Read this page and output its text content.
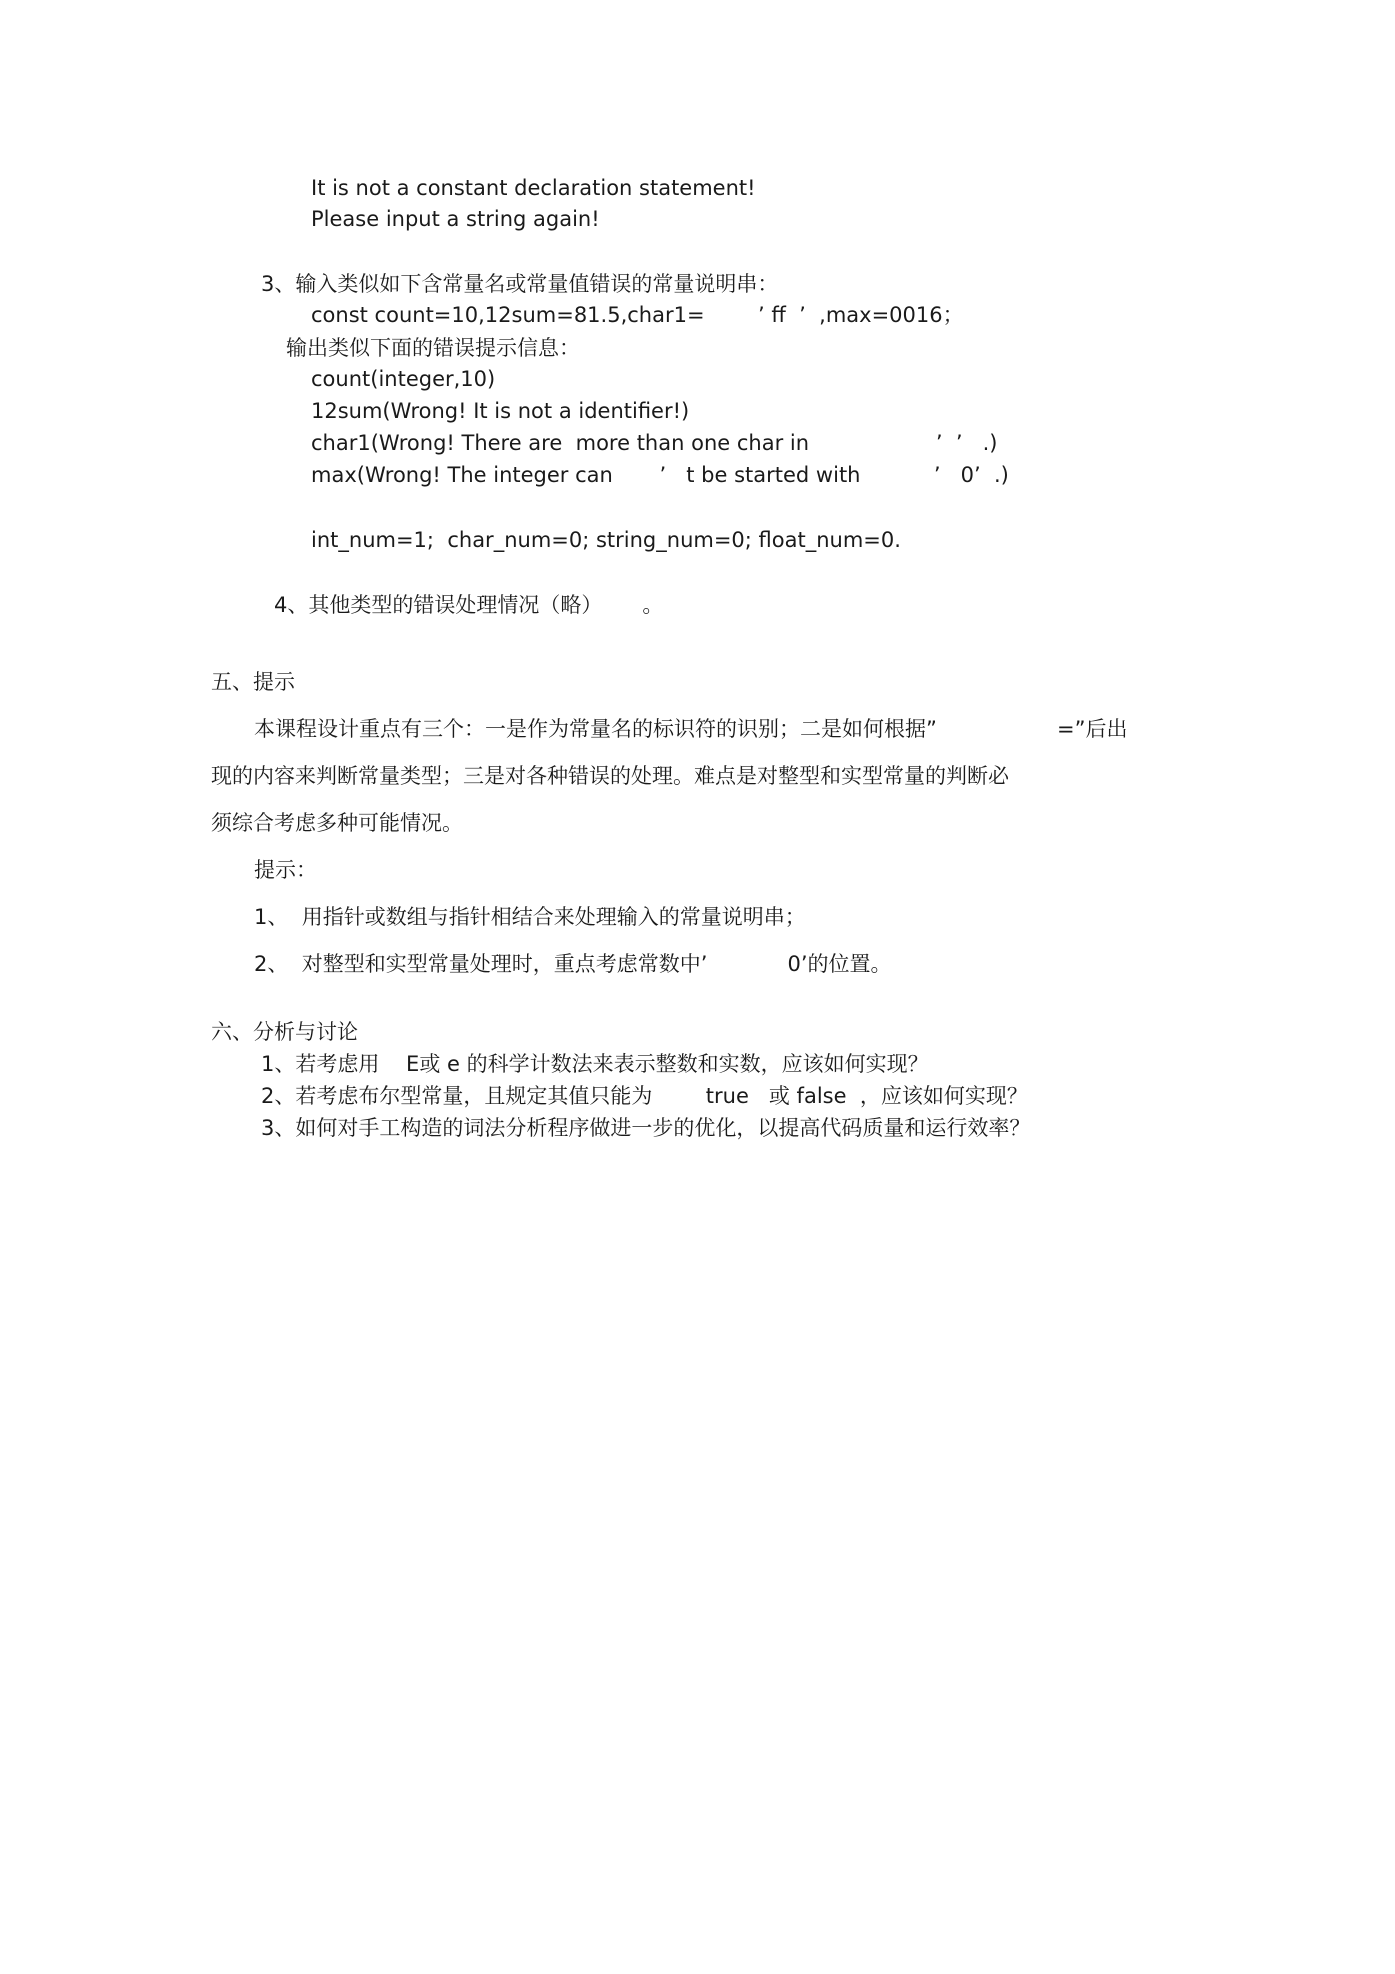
It is not a constant declaration statement!
Please input a string again!
3、输入类似如下含常量名或常量值错误的常量说明串：
const count=10,12sum=81.5,char1=        ’ ff  ’  ,max=0016；
输出类似下面的错误提示信息：
count(integer,10)
12sum(Wrong! It is not a identifier!)
char1(Wrong! There are  more than one char in                   ’  ’   .)
max(Wrong! The integer can       ’   t be started with           ’   0’  .)
int_num=1;  char_num=0; string_num=0; float_num=0.
4、其他类型的错误处理情况（略）      。
五、提示
本课程设计重点有三个：一是作为常量名的标识符的识别；二是如何根据”                  =”后出
现的内容来判断常量类型；三是对各种错误的处理。难点是对整型和实型常量的判断必
须综合考虑多种可能情况。
提示：
1、  用指针或数组与指针相结合来处理输入的常量说明串；
2、  对整型和实型常量处理时，重点考虑常数中’            0’的位置。
六、分析与讨论
1、若考虑用    E或 e 的科学计数法来表示整数和实数，应该如何实现？
2、若考虑布尔型常量，且规定其值只能为        true   或 false  ，应该如何实现？
3、如何对手工构造的词法分析程序做进一步的优化，以提高代码质量和运行效率？
